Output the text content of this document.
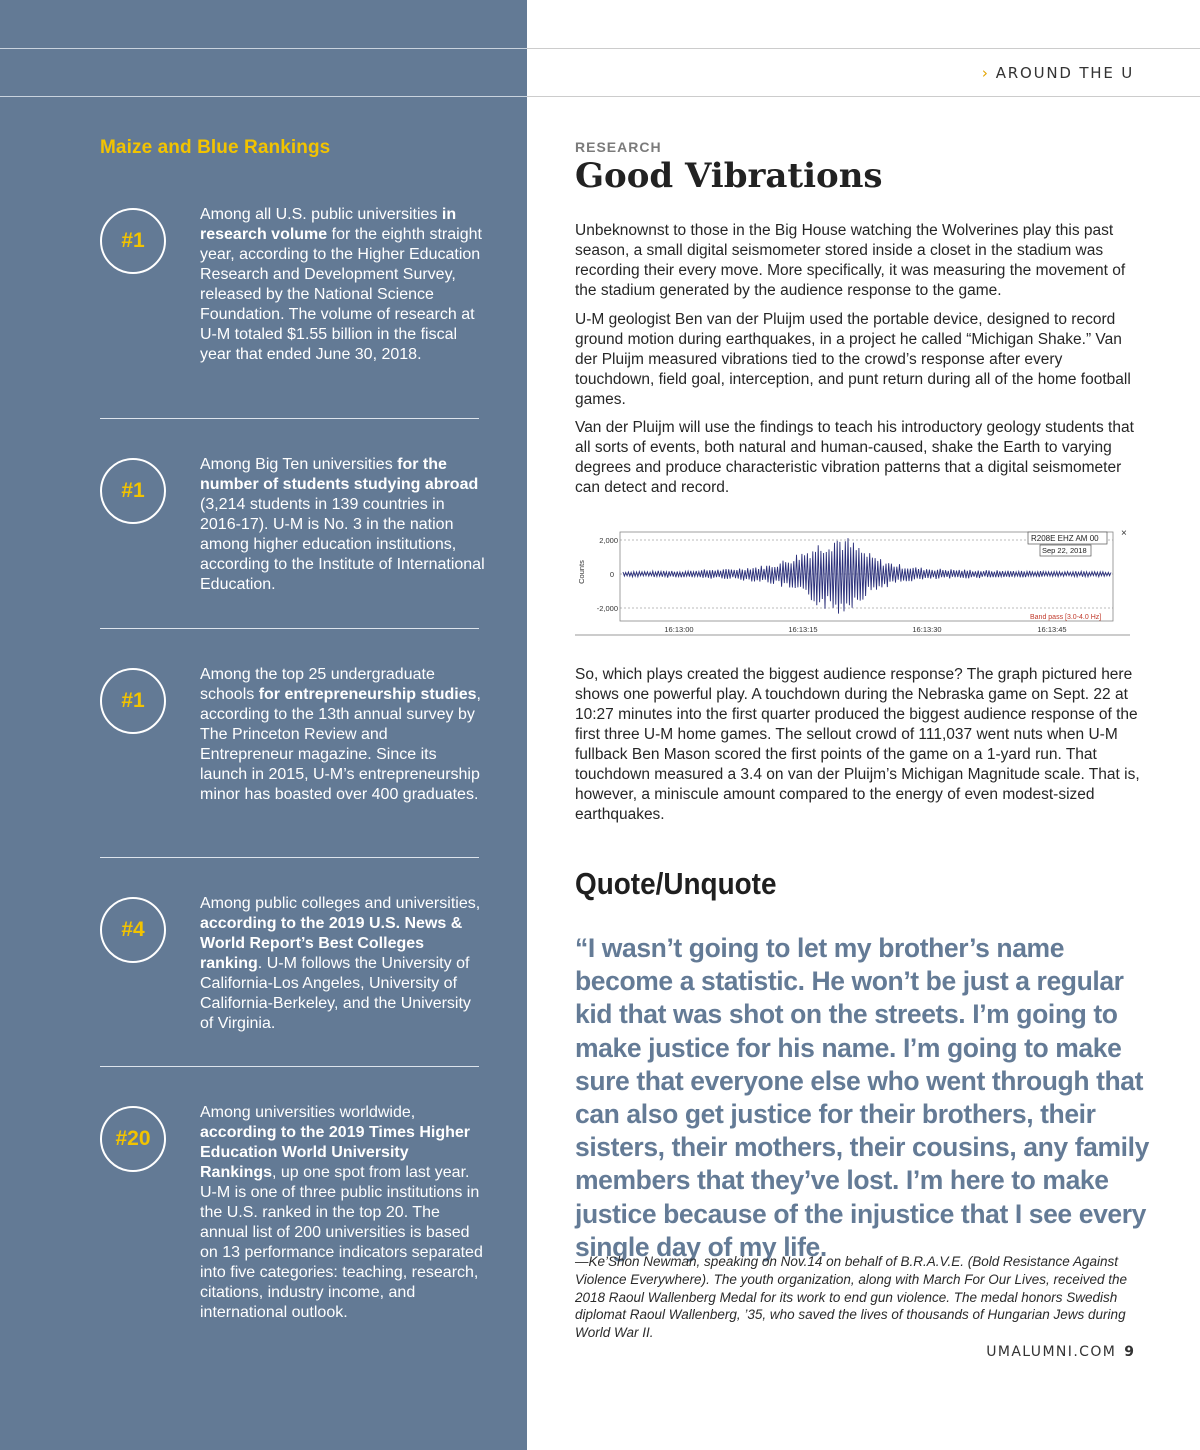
Maize and Blue Rankings
#1
Among all U.S. public universities in research volume for the eighth straight year, according to the Higher Education Research and Development Survey, released by the National Science Foundation. The volume of research at U-M totaled $1.55 billion in the fiscal year that ended June 30, 2018.
#1
Among Big Ten universities for the number of students studying abroad (3,214 students in 139 countries in 2016-17). U-M is No. 3 in the nation among higher education institutions, according to the Institute of International Education.
#1
Among the top 25 undergraduate schools for entrepreneurship studies, according to the 13th annual survey by The Princeton Review and Entrepreneur magazine. Since its launch in 2015, U-M’s entrepreneurship minor has boasted over 400 graduates.
#4
Among public colleges and universities, according to the 2019 U.S. News & World Report’s Best Colleges ranking. U-M follows the University of California-Los Angeles, University of California-Berkeley, and the University of Virginia.
#20
Among universities worldwide, according to the 2019 Times Higher Education World University Rankings, up one spot from last year. U-M is one of three public institutions in the U.S. ranked in the top 20. The annual list of 200 universities is based on 13 performance indicators separated into five categories: teaching, research, citations, industry income, and international outlook.
› AROUND THE U
RESEARCH
Good Vibrations
Unbeknownst to those in the Big House watching the Wolverines play this past season, a small digital seismometer stored inside a closet in the stadium was recording their every move. More specifically, it was measuring the movement of the stadium generated by the audience response to the game.
U-M geologist Ben van der Pluijm used the portable device, designed to record ground motion during earthquakes, in a project he called “Michigan Shake.” Van der Pluijm measured vibrations tied to the crowd’s response after every touchdown, field goal, interception, and punt return during all of the home football games.
Van der Pluijm will use the findings to teach his introductory geology students that all sorts of events, both natural and human-caused, shake the Earth to varying degrees and produce characteristic vibration patterns that a digital seismometer can detect and record.
2,000
0
-2,000
Counts
16:13:00	16:13:15	16:13:30	16:13:45
R208E EHZ AM 00
Sep 22, 2018
×
Band pass [3.0-4.0 Hz]
So, which plays created the biggest audience response? The graph pictured here shows one powerful play. A touchdown during the Nebraska game on Sept. 22 at 10:27 minutes into the first quarter produced the biggest audience response of the first three U-M home games. The sellout crowd of 111,037 went nuts when U-M fullback Ben Mason scored the first points of the game on a 1-yard run. That touchdown measured a 3.4 on van der Pluijm’s Michigan Magnitude scale. That is, however, a miniscule amount compared to the energy of even modest-sized earthquakes.
Quote/Unquote
“I wasn’t going to let my brother’s name become a statistic. He won’t be just a regular kid that was shot on the streets. I’m going to make justice for his name. I’m going to make sure that everyone else who went through that can also get justice for their brothers, their sisters, their mothers, their cousins, any family members that they’ve lost. I’m here to make justice because of the injustice that I see every single day of my life.
—Ke’Shon Newman, speaking on Nov.14 on behalf of B.R.A.V.E. (Bold Resistance Against Violence Everywhere). The youth organization, along with March For Our Lives, received the 2018 Raoul Wallenberg Medal for its work to end gun violence. The medal honors Swedish diplomat Raoul Wallenberg, ’35, who saved the lives of thousands of Hungarian Jews during World War II.
UMALUMNI.COM 9
